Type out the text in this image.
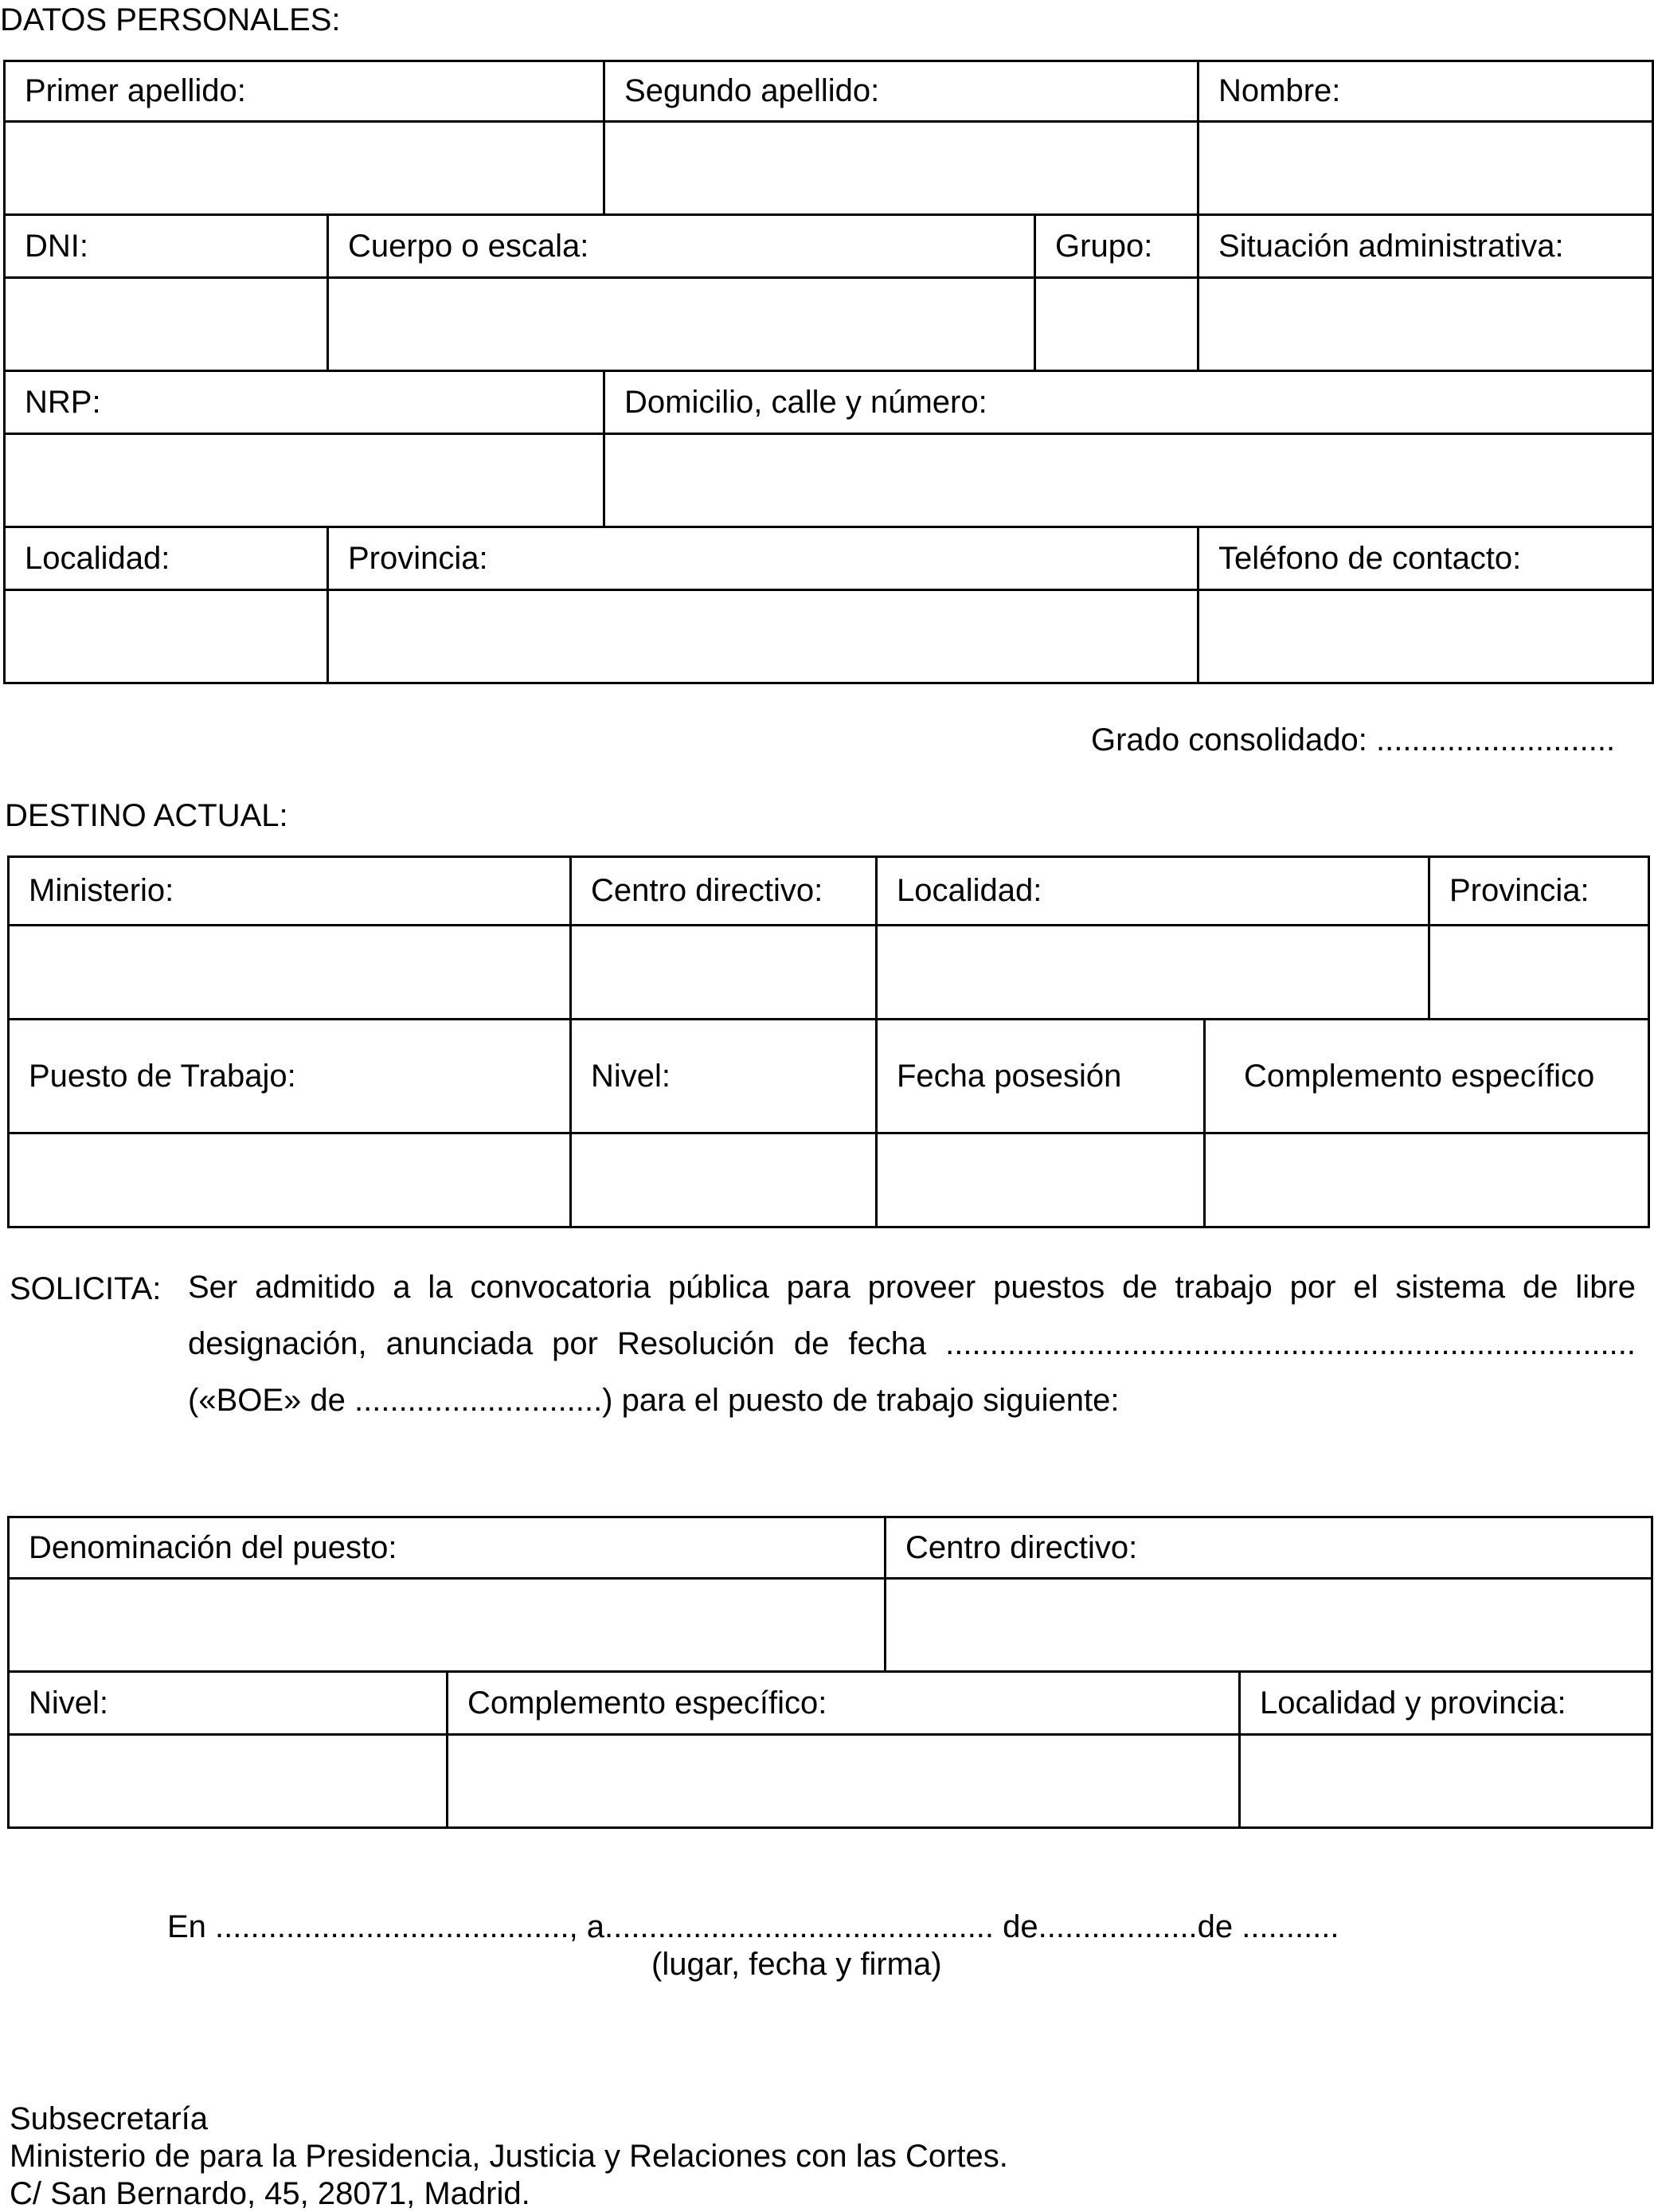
DATOS PERSONALES:
Primer apellido:		Segundo apellido:		Nombre:

DNI:	Cuerpo o escala:		Grupo:	Situación administrativa:

NRP:		Domicilio, calle y número:		

Localidad:	Provincia:			Teléfono de contacto:

Grado consolidado: ...........................
DESTINO ACTUAL:
Ministerio:	Centro directivo:	Localidad:		Provincia:

Puesto de Trabajo:	Nivel:	Fecha posesión	Complemento específico	

SOLICITA: Ser admitido a la convocatoria pública para proveer puestos de trabajo por el sistema de libre
designación, anunciada por Resolución de fecha ..............................................................................
(«BOE» de ............................) para el puesto de trabajo siguiente:
Denominación del puesto:		Centro directivo:	

Nivel:	Complemento específico:		Localidad y provincia:

En ........................................, a............................................ de..................de ...........
(lugar, fecha y firma)
Subsecretaría
Ministerio de para la Presidencia, Justicia y Relaciones con las Cortes.
C/ San Bernardo, 45, 28071, Madrid.
